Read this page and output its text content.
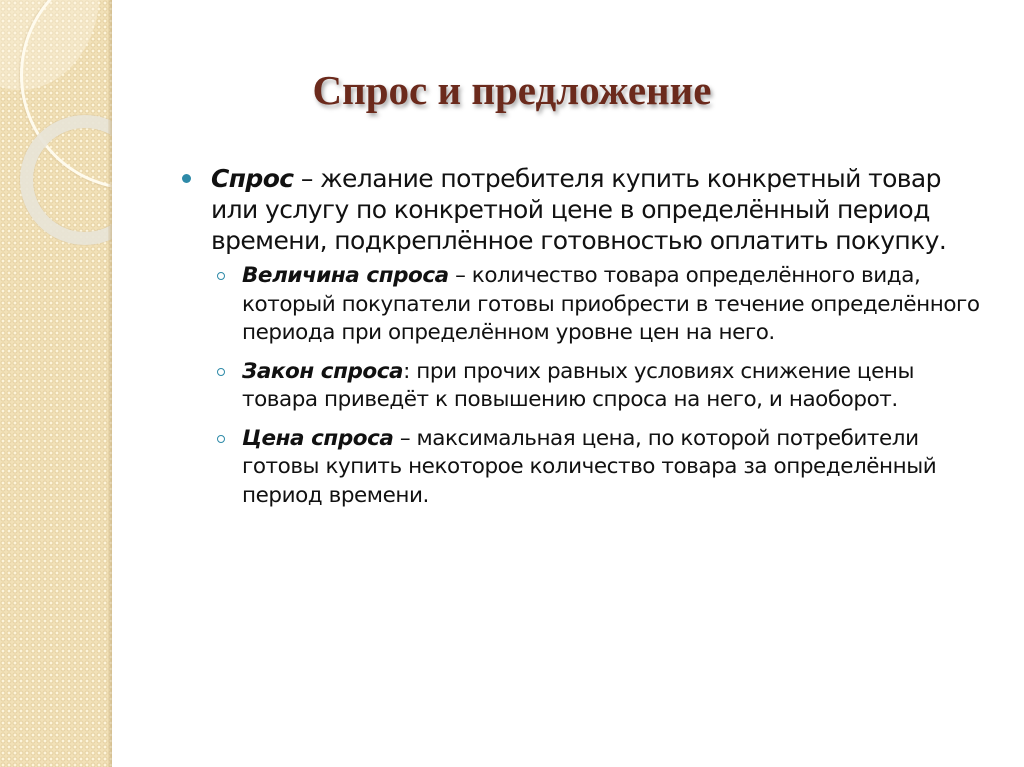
Спрос и предложение
Спрос – желание потребителя купить конкретный товар или услугу по конкретной цене в определённый период времени, подкреплённое готовностью оплатить покупку.
Величина спроса – количество товара определённого вида, который покупатели готовы приобрести в течение определённого периода при определённом уровне цен на него.
Закон спроса: при прочих равных условиях снижение цены товара приведёт к повышению спроса на него, и наоборот.
Цена спроса – максимальная цена, по которой потребители готовы купить некоторое количество товара за определённый период времени.
